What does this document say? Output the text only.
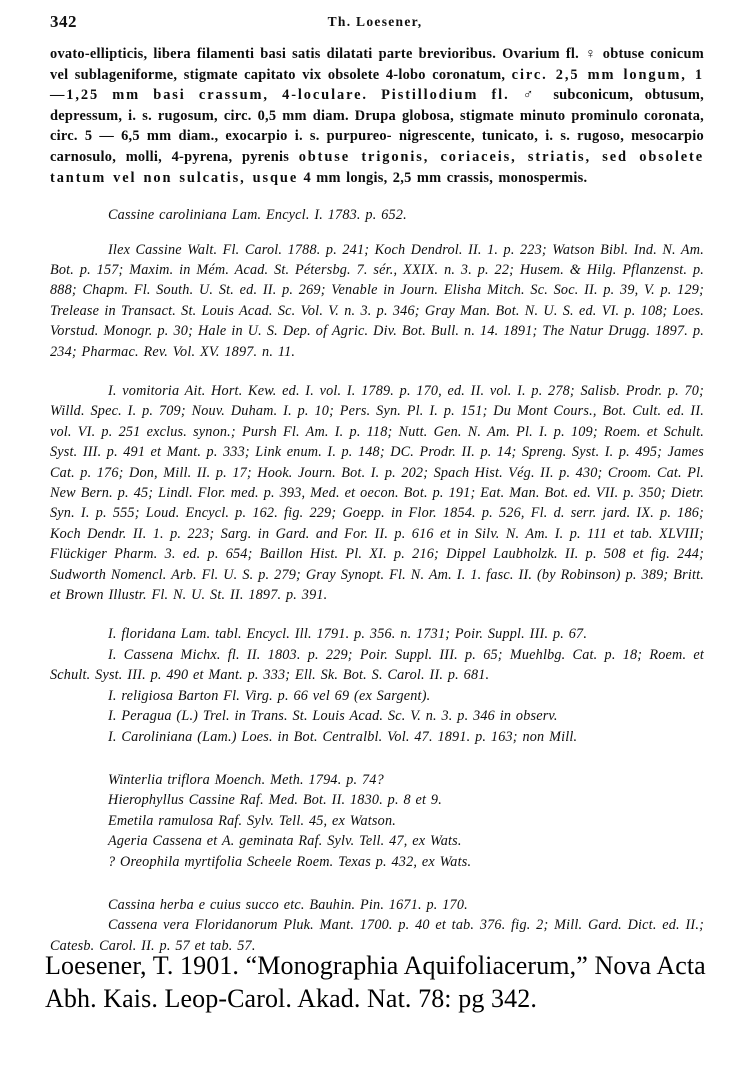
342	Th. Loesener,
ovato-ellipticis, libera filamenti basi satis dilatati parte brevioribus. Ovarium fl. ♀ obtuse conicum vel sublageniforme, stigmate capitato vix obsolete 4-lobo coronatum, circ. 2,5 mm longum, 1—1,25 mm basi crassum, 4-loculare. Pistillodium fl. ♂ subconicum, obtusum, depressum, i. s. rugosum, circ. 0,5 mm diam. Drupa globosa, stigmate minuto prominulo coronata, circ. 5 — 6,5 mm diam., exocarpio i. s. purpureo- nigrescente, tunicato, i. s. rugoso, mesocarpio carnosulo, molli, 4-pyrena, pyrenis obtuse trigonis, coriaceis, striatis, sed obsolete tantum vel non sulcatis, usque 4 mm longis, 2,5 mm crassis, monospermis.

Cassine caroliniana Lam. Encycl. I. 1783. p. 652.

Ilex Cassine Walt. Fl. Carol. 1788. p. 241; Koch Dendrol. II. 1. p. 223; Watson Bibl. Ind. N. Am. Bot. p. 157; Maxim. in Mém. Acad. St. Pétersbg. 7. sér., XXIX. n. 3. p. 22; Husem. & Hilg. Pflanzenst. p. 888; Chapm. Fl. South. U. St. ed. II. p. 269; Venable in Journ. Elisha Mitch. Sc. Soc. II. p. 39, V. p. 129; Trelease in Transact. St. Louis Acad. Sc. Vol. V. n. 3. p. 346; Gray Man. Bot. N. U. S. ed. VI. p. 108; Loes. Vorstud. Monogr. p. 30; Hale in U. S. Dep. of Agric. Div. Bot. Bull. n. 14. 1891; The Natur Drugg. 1897. p. 234; Pharmac. Rev. Vol. XV. 1897. n. 11.

I. vomitoria Ait. Hort. Kew. ed. I. vol. I. 1789. p. 170, ed. II. vol. I. p. 278; Salisb. Prodr. p. 70; Willd. Spec. I. p. 709; Nouv. Duham. I. p. 10; Pers. Syn. Pl. I. p. 151; Du Mont Cours., Bot. Cult. ed. II. vol. VI. p. 251 exclus. synon.; Pursh Fl. Am. I. p. 118; Nutt. Gen. N. Am. Pl. I. p. 109; Roem. et Schult. Syst. III. p. 491 et Mant. p. 333; Link enum. I. p. 148; DC. Prodr. II. p. 14; Spreng. Syst. I. p. 495; James Cat. p. 176; Don, Mill. II. p. 17; Hook. Journ. Bot. I. p. 202; Spach Hist. Vég. II. p. 430; Croom. Cat. Pl. New Bern. p. 45; Lindl. Flor. med. p. 393, Med. et oecon. Bot. p. 191; Eat. Man. Bot. ed. VII. p. 350; Dietr. Syn. I. p. 555; Loud. Encycl. p. 162. fig. 229; Goepp. in Flor. 1854. p. 526, Fl. d. serr. jard. IX. p. 186; Koch Dendr. II. 1. p. 223; Sarg. in Gard. and For. II. p. 616 et in Silv. N. Am. I. p. 111 et tab. XLVIII; Flückiger Pharm. 3. ed. p. 654; Baillon Hist. Pl. XI. p. 216; Dippel Laubholzk. II. p. 508 et fig. 244; Sudworth Nomencl. Arb. Fl. U. S. p. 279; Gray Synopt. Fl. N. Am. I. 1. fasc. II. (by Robinson) p. 389; Britt. et Brown Illustr. Fl. N. U. St. II. 1897. p. 391.

I. floridana Lam. tabl. Encycl. Ill. 1791. p. 356. n. 1731; Poir. Suppl. III. p. 67.

I. Cassena Michx. fl. II. 1803. p. 229; Poir. Suppl. III. p. 65; Muehlbg. Cat. p. 18; Roem. et Schult. Syst. III. p. 490 et Mant. p. 333; Ell. Sk. Bot. S. Carol. II. p. 681.

I. religiosa Barton Fl. Virg. p. 66 vel 69 (ex Sargent).

I. Peragua (L.) Trel. in Trans. St. Louis Acad. Sc. V. n. 3. p. 346 in observ.

I. Caroliniana (Lam.) Loes. in Bot. Centralbl. Vol. 47. 1891. p. 163; non Mill.

Winterlia triflora Moench. Meth. 1794. p. 74?

Hierophyllus Cassine Raf. Med. Bot. II. 1830. p. 8 et 9.

Emetila ramulosa Raf. Sylv. Tell. 45, ex Watson.

Ageria Cassena et A. geminata Raf. Sylv. Tell. 47, ex Wats.

? Oreophila myrtifolia Scheele Roem. Texas p. 432, ex Wats.

Cassina herba e cuius succo etc. Bauhin. Pin. 1671. p. 170.

Cassena vera Floridanorum Pluk. Mant. 1700. p. 40 et tab. 376. fig. 2; Mill. Gard. Dict. ed. II.; Catesb. Carol. II. p. 57 et tab. 57.

Loesener, T. 1901. “Monographia Aquifoliacerum,” Nova Acta Abh. Kais. Leop-Carol. Akad. Nat. 78: pg 342.
